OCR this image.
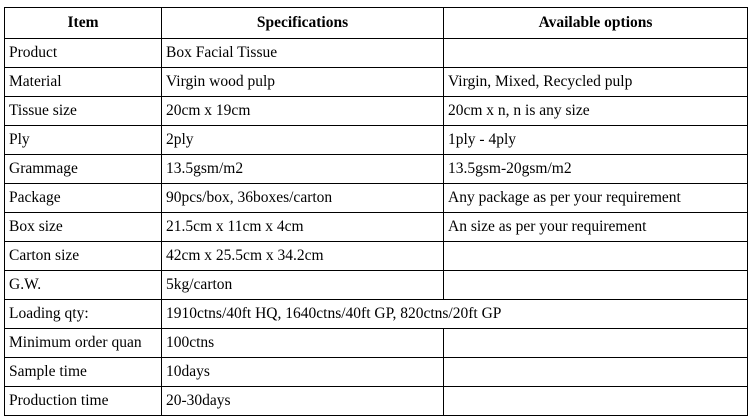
Item	Specifications	Available options
Product	Box Facial Tissue
Material	Virgin wood pulp	Virgin, Mixed, Recycled pulp
Tissue size	20cm x 19cm	20cm x n, n is any size
Ply	2ply	1ply - 4ply
Grammage	13.5gsm/m2	13.5gsm-20gsm/m2
Package	90pcs/box, 36boxes/carton	Any package as per your requirement
Box size	21.5cm x 11cm x 4cm	An size as per your requirement
Carton size	42cm x 25.5cm x 34.2cm
G.W.	5kg/carton
Loading qty:	1910ctns/40ft HQ, 1640ctns/40ft GP, 820ctns/20ft GP
Minimum order quan	100ctns
Sample time	10days
Production time	20-30days
